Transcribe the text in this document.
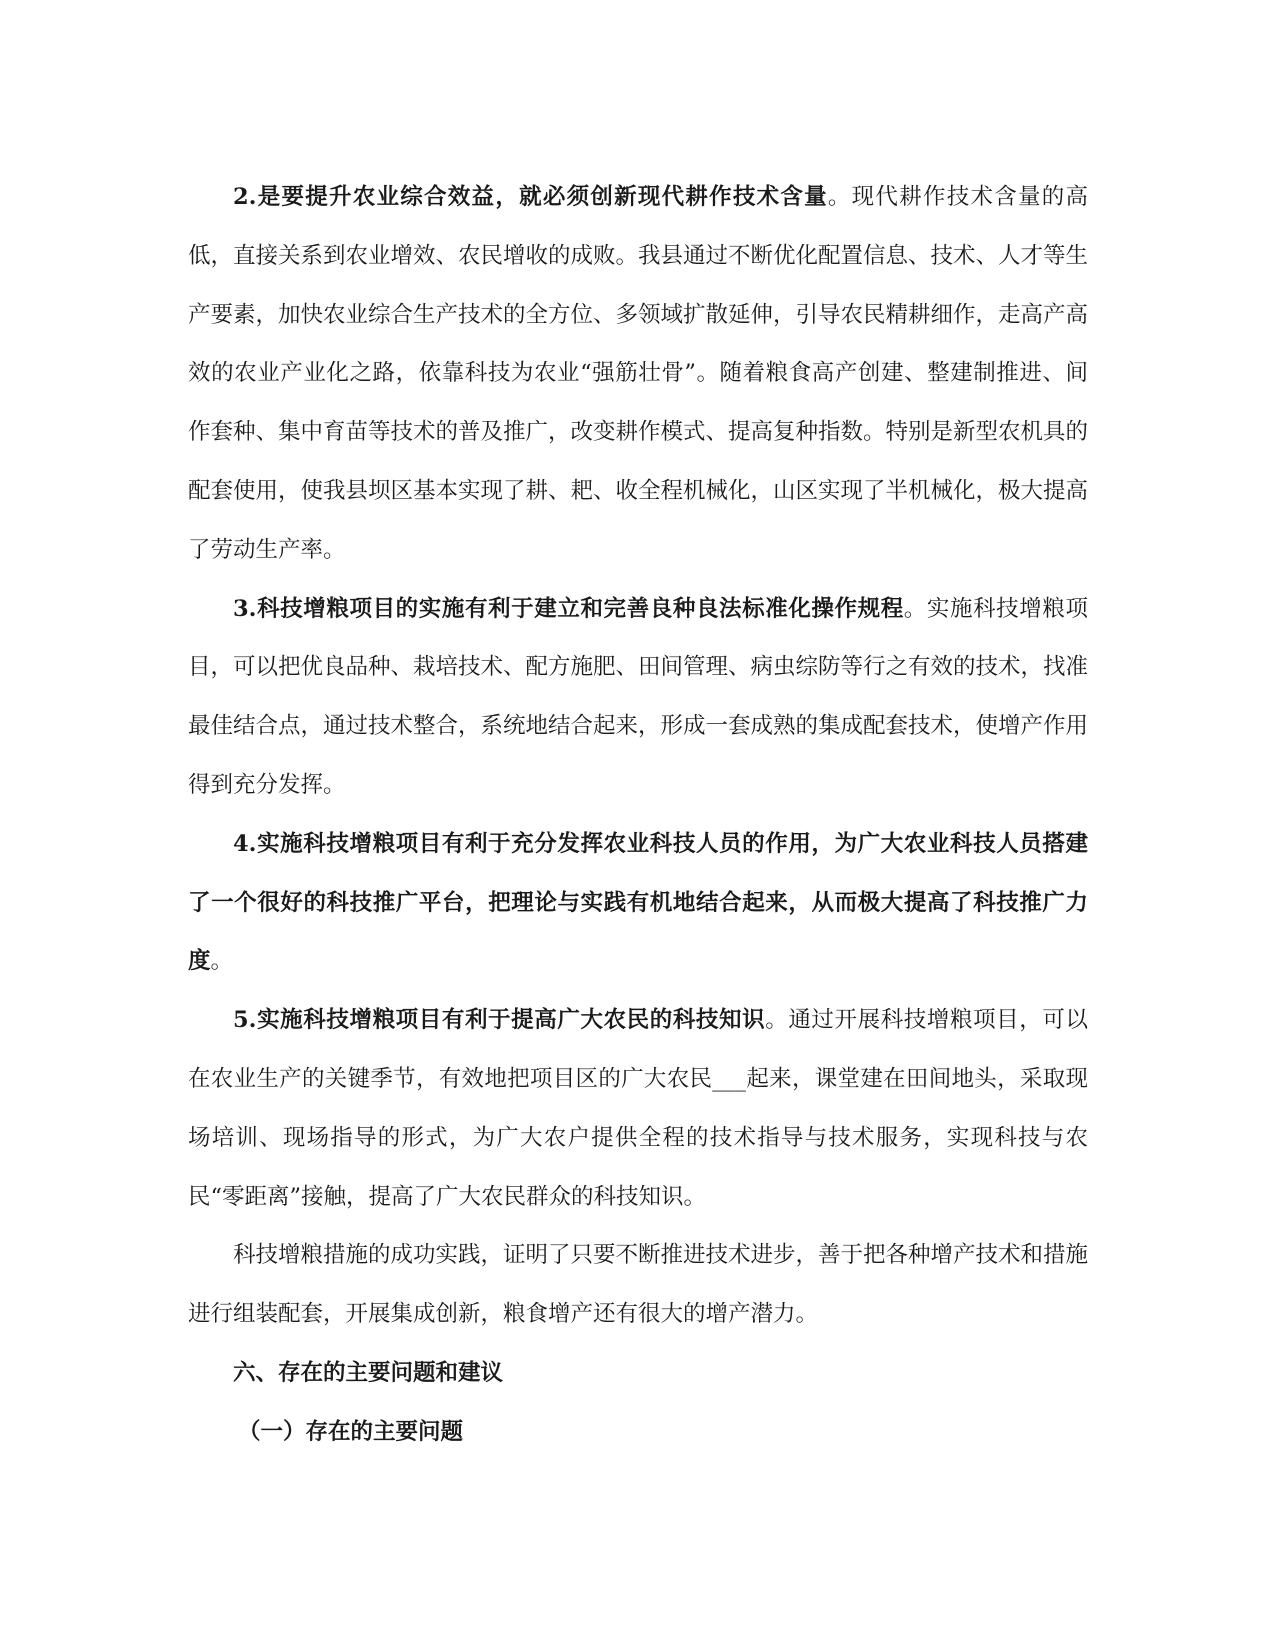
2.是要提升农业综合效益，就必须创新现代耕作技术含量。现代耕作技术含量的高低，直接关系到农业增效、农民增收的成败。我县通过不断优化配置信息、技术、人才等生产要素，加快农业综合生产技术的全方位、多领域扩散延伸，引导农民精耕细作，走高产高效的农业产业化之路，依靠科技为农业“强筋壮骨”。随着粮食高产创建、整建制推进、间作套种、集中育苗等技术的普及推广，改变耕作模式、提高复种指数。特别是新型农机具的配套使用，使我县坝区基本实现了耕、耙、收全程机械化，山区实现了半机械化，极大提高了劳动生产率。

3.科技增粮项目的实施有利于建立和完善良种良法标准化操作规程。实施科技增粮项目，可以把优良品种、栽培技术、配方施肥、田间管理、病虫综防等行之有效的技术，找准最佳结合点，通过技术整合，系统地结合起来，形成一套成熟的集成配套技术，使增产作用得到充分发挥。

4.实施科技增粮项目有利于充分发挥农业科技人员的作用，为广大农业科技人员搭建了一个很好的科技推广平台，把理论与实践有机地结合起来，从而极大提高了科技推广力度。

5.实施科技增粮项目有利于提高广大农民的科技知识。通过开展科技增粮项目，可以在农业生产的关键季节，有效地把项目区的广大农民___起来，课堂建在田间地头，采取现场培训、现场指导的形式，为广大农户提供全程的技术指导与技术服务，实现科技与农民“零距离”接触，提高了广大农民群众的科技知识。

科技增粮措施的成功实践，证明了只要不断推进技术进步，善于把各种增产技术和措施进行组装配套，开展集成创新，粮食增产还有很大的增产潜力。

六、存在的主要问题和建议

（一）存在的主要问题
